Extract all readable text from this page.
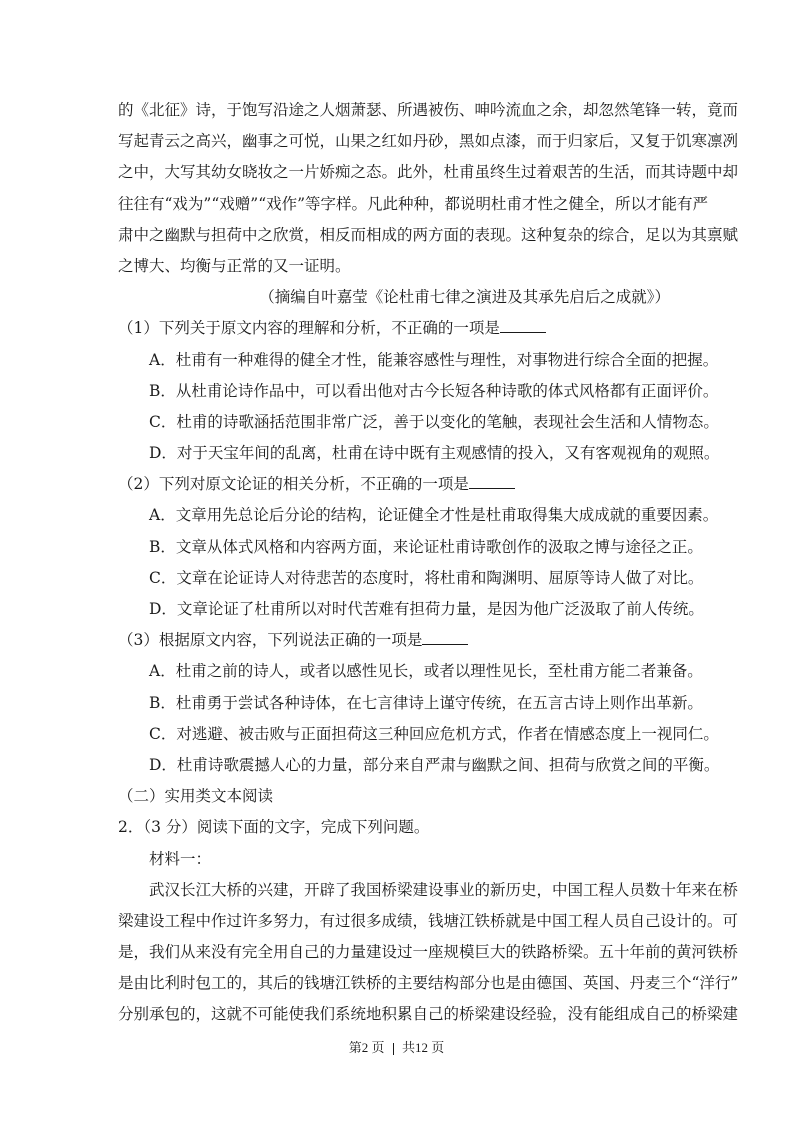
的《北征》诗，于饱写沿途之人烟萧瑟、所遇被伤、呻吟流血之余，却忽然笔锋一转，竟而
写起青云之高兴，幽事之可悦，山果之红如丹砂，黑如点漆，而于归家后，又复于饥寒凛冽
之中，大写其幼女晓妆之一片娇痴之态。此外，杜甫虽终生过着艰苦的生活，而其诗题中却
往往有“戏为”“戏赠”“戏作”等字样。凡此种种，都说明杜甫才性之健全，所以才能有严
肃中之幽默与担荷中之欣赏，相反而相成的两方面的表现。这种复杂的综合，足以为其禀赋
之博大、均衡与正常的又一证明。
（摘编自叶嘉莹《论杜甫七律之演进及其承先启后之成就》）
（1）下列关于原文内容的理解和分析，不正确的一项是
A．杜甫有一种难得的健全才性，能兼容感性与理性，对事物进行综合全面的把握。
B．从杜甫论诗作品中，可以看出他对古今长短各种诗歌的体式风格都有正面评价。
C．杜甫的诗歌涵括范围非常广泛，善于以变化的笔触，表现社会生活和人情物态。
D．对于天宝年间的乱离，杜甫在诗中既有主观感情的投入，又有客观视角的观照。
（2）下列对原文论证的相关分析，不正确的一项是
A．文章用先总论后分论的结构，论证健全才性是杜甫取得集大成成就的重要因素。
B．文章从体式风格和内容两方面，来论证杜甫诗歌创作的汲取之博与途径之正。
C．文章在论证诗人对待悲苦的态度时，将杜甫和陶渊明、屈原等诗人做了对比。
D．文章论证了杜甫所以对时代苦难有担荷力量，是因为他广泛汲取了前人传统。
（3）根据原文内容，下列说法正确的一项是
A．杜甫之前的诗人，或者以感性见长，或者以理性见长，至杜甫方能二者兼备。
B．杜甫勇于尝试各种诗体，在七言律诗上谨守传统，在五言古诗上则作出革新。
C．对逃避、被击败与正面担荷这三种回应危机方式，作者在情感态度上一视同仁。
D．杜甫诗歌震撼人心的力量，部分来自严肃与幽默之间、担荷与欣赏之间的平衡。
（二）实用类文本阅读
2．（3 分）阅读下面的文字，完成下列问题。
材料一：
武汉长江大桥的兴建，开辟了我国桥梁建设事业的新历史，中国工程人员数十年来在桥
梁建设工程中作过许多努力，有过很多成绩，钱塘江铁桥就是中国工程人员自己设计的。可
是，我们从来没有完全用自己的力量建设过一座规模巨大的铁路桥梁。五十年前的黄河铁桥
是由比利时包工的，其后的钱塘江铁桥的主要结构部分也是由德国、英国、丹麦三个“洋行”
分别承包的，这就不可能使我们系统地积累自己的桥梁建设经验，没有能组成自己的桥梁建
第2 页 共12 页
